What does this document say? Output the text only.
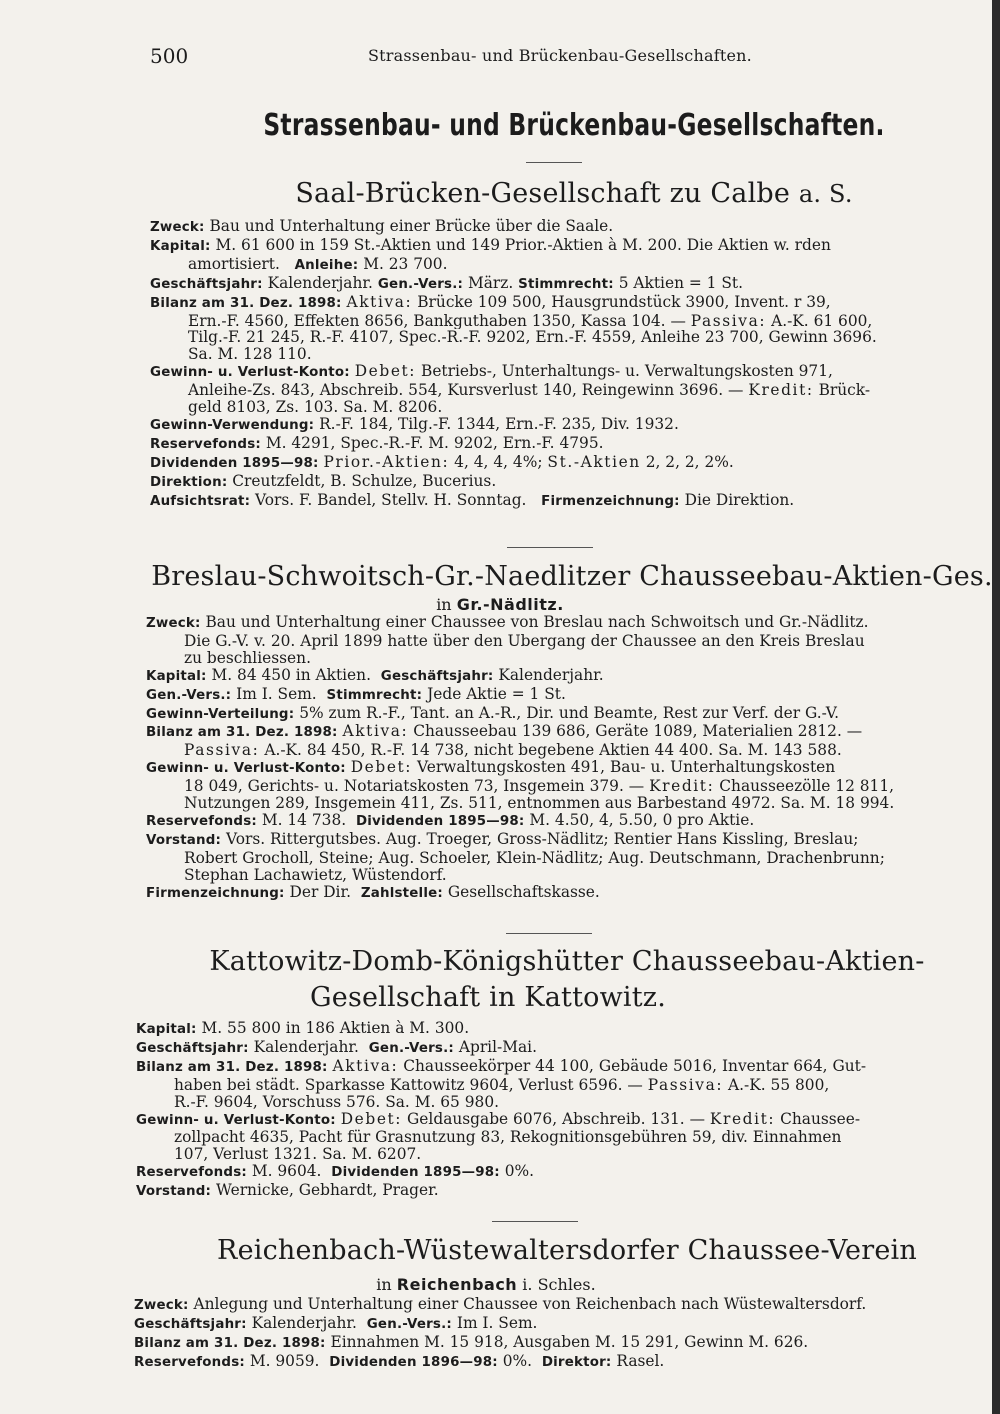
500	Strassenbau- und Brückenbau-Gesellschaften.
Strassenbau- und Brückenbau-Gesellschaften.
Saal-Brücken-Gesellschaft zu Calbe a. S.
Zweck: Bau und Unterhaltung einer Brücke über die Saale.
Kapital: M. 61 600 in 159 St.-Aktien und 149 Prior.-Aktien à M. 200. Die Aktien w. rden
amortisiert. Anleihe: M. 23 700.
Geschäftsjahr: Kalenderjahr. Gen.-Vers.: März. Stimmrecht: 5 Aktien = 1 St.
Bilanz am 31. Dez. 1898: Aktiva: Brücke 109 500, Hausgrundstück 3900, Invent. r 39,
Ern.-F. 4560, Effekten 8656, Bankguthaben 1350, Kassa 104. — Passiva: A.-K. 61 600,
Tilg.-F. 21 245, R.-F. 4107, Spec.-R.-F. 9202, Ern.-F. 4559, Anleihe 23 700, Gewinn 3696.
Sa. M. 128 110.
Gewinn- u. Verlust-Konto: Debet: Betriebs-, Unterhaltungs- u. Verwaltungskosten 971,
Anleihe-Zs. 843, Abschreib. 554, Kursverlust 140, Reingewinn 3696. — Kredit: Brück-
geld 8103, Zs. 103. Sa. M. 8206.
Gewinn-Verwendung: R.-F. 184, Tilg.-F. 1344, Ern.-F. 235, Div. 1932.
Reservefonds: M. 4291, Spec.-R.-F. M. 9202, Ern.-F. 4795.
Dividenden 1895—98: Prior.-Aktien: 4, 4, 4, 4%; St.-Aktien 2, 2, 2, 2%.
Direktion: Creutzfeldt, B. Schulze, Bucerius.
Aufsichtsrat: Vors. F. Bandel, Stellv. H. Sonntag. Firmenzeichnung: Die Direktion.
Breslau-Schwoitsch-Gr.-Naedlitzer Chausseebau-Aktien-Ges.
in Gr.-Nädlitz.
Zweck: Bau und Unterhaltung einer Chaussee von Breslau nach Schwoitsch und Gr.-Nädlitz.
Die G.-V. v. 20. April 1899 hatte über den Übergang der Chaussee an den Kreis Breslau
zu beschliessen.
Kapital: M. 84 450 in Aktien. Geschäftsjahr: Kalenderjahr.
Gen.-Vers.: Im I. Sem. Stimmrecht: Jede Aktie = 1 St.
Gewinn-Verteilung: 5% zum R.-F., Tant. an A.-R., Dir. und Beamte, Rest zur Verf. der G.-V.
Bilanz am 31. Dez. 1898: Aktiva: Chausseebau 139 686, Geräte 1089, Materialien 2812. —
Passiva: A.-K. 84 450, R.-F. 14 738, nicht begebene Aktien 44 400. Sa. M. 143 588.
Gewinn- u. Verlust-Konto: Debet: Verwaltungskosten 491, Bau- u. Unterhaltungskosten
18 049, Gerichts- u. Notariatskosten 73, Insgemein 379. — Kredit: Chausseezölle 12 811,
Nutzungen 289, Insgemein 411, Zs. 511, entnommen aus Barbestand 4972. Sa. M. 18 994.
Reservefonds: M. 14 738. Dividenden 1895—98: M. 4.50, 4, 5.50, 0 pro Aktie.
Vorstand: Vors. Rittergutsbes. Aug. Troeger, Gross-Nädlitz; Rentier Hans Kissling, Breslau;
Robert Grocholl, Steine; Aug. Schoeler, Klein-Nädlitz; Aug. Deutschmann, Drachenbrunn;
Stephan Lachawietz, Wüstendorf.
Firmenzeichnung: Der Dir. Zahlstelle: Gesellschaftskasse.
Kattowitz-Domb-Königshütter Chausseebau-Aktien-
Gesellschaft in Kattowitz.
Kapital: M. 55 800 in 186 Aktien à M. 300.
Geschäftsjahr: Kalenderjahr. Gen.-Vers.: April-Mai.
Bilanz am 31. Dez. 1898: Aktiva: Chausseekörper 44 100, Gebäude 5016, Inventar 664, Gut-
haben bei städt. Sparkasse Kattowitz 9604, Verlust 6596. — Passiva: A.-K. 55 800,
R.-F. 9604, Vorschuss 576. Sa. M. 65 980.
Gewinn- u. Verlust-Konto: Debet: Geldausgabe 6076, Abschreib. 131. — Kredit: Chaussee-
zollpacht 4635, Pacht für Grasnutzung 83, Rekognitionsgebühren 59, div. Einnahmen
107, Verlust 1321. Sa. M. 6207.
Reservefonds: M. 9604. Dividenden 1895—98: 0%.
Vorstand: Wernicke, Gebhardt, Prager.
Reichenbach-Wüstewaltersdorfer Chaussee-Verein
in Reichenbach i. Schles.
Zweck: Anlegung und Unterhaltung einer Chaussee von Reichenbach nach Wüstewaltersdorf.
Geschäftsjahr: Kalenderjahr. Gen.-Vers.: Im I. Sem.
Bilanz am 31. Dez. 1898: Einnahmen M. 15 918, Ausgaben M. 15 291, Gewinn M. 626.
Reservefonds: M. 9059. Dividenden 1896—98: 0%. Direktor: Rasel.
